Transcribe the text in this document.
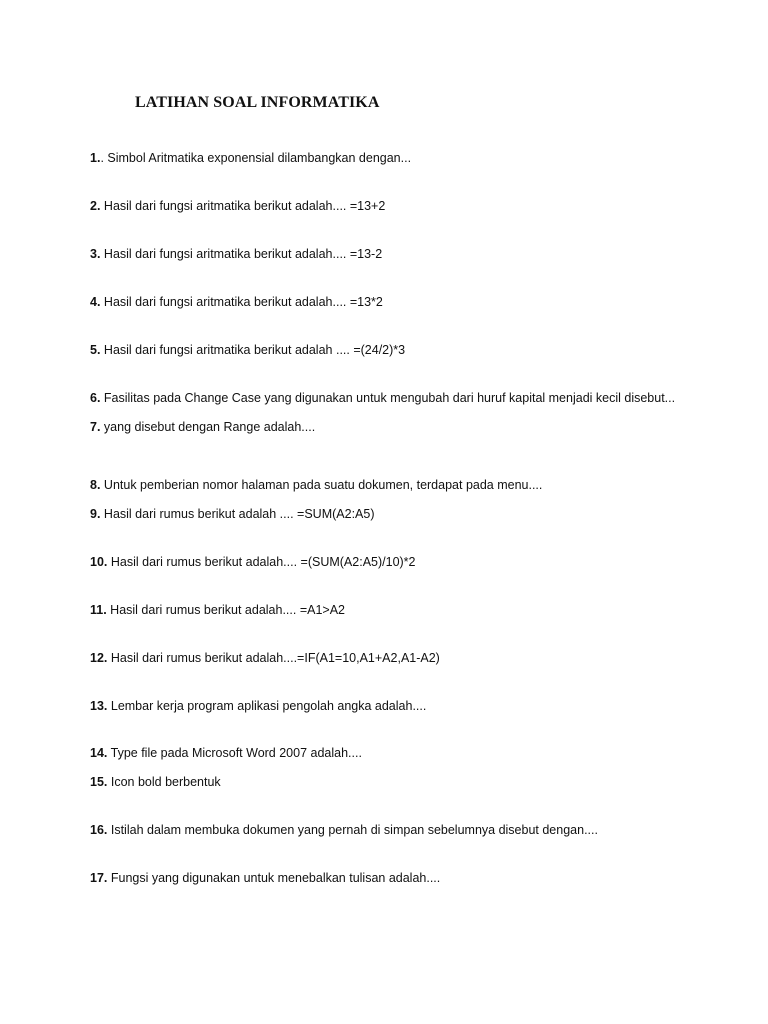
LATIHAN SOAL INFORMATIKA
1.. Simbol Aritmatika exponensial dilambangkan dengan...
2. Hasil dari fungsi aritmatika berikut adalah.... =13+2
3. Hasil dari fungsi aritmatika berikut adalah.... =13-2
4. Hasil dari fungsi aritmatika berikut adalah.... =13*2
5. Hasil dari fungsi aritmatika berikut adalah .... =(24/2)*3
6. Fasilitas pada Change Case yang digunakan untuk mengubah dari huruf kapital menjadi kecil disebut...
7. yang disebut dengan Range adalah....
8. Untuk pemberian nomor halaman pada suatu dokumen, terdapat pada menu....
9. Hasil dari rumus berikut adalah .... =SUM(A2:A5)
10. Hasil dari rumus berikut adalah.... =(SUM(A2:A5)/10)*2
11. Hasil dari rumus berikut adalah.... =A1>A2
12. Hasil dari rumus berikut adalah....=IF(A1=10,A1+A2,A1-A2)
13. Lembar kerja program aplikasi pengolah angka adalah....
14. Type file pada Microsoft Word 2007 adalah....
15. Icon bold berbentuk
16. Istilah dalam membuka dokumen yang pernah di simpan sebelumnya disebut dengan....
17. Fungsi yang digunakan untuk menebalkan tulisan adalah....
